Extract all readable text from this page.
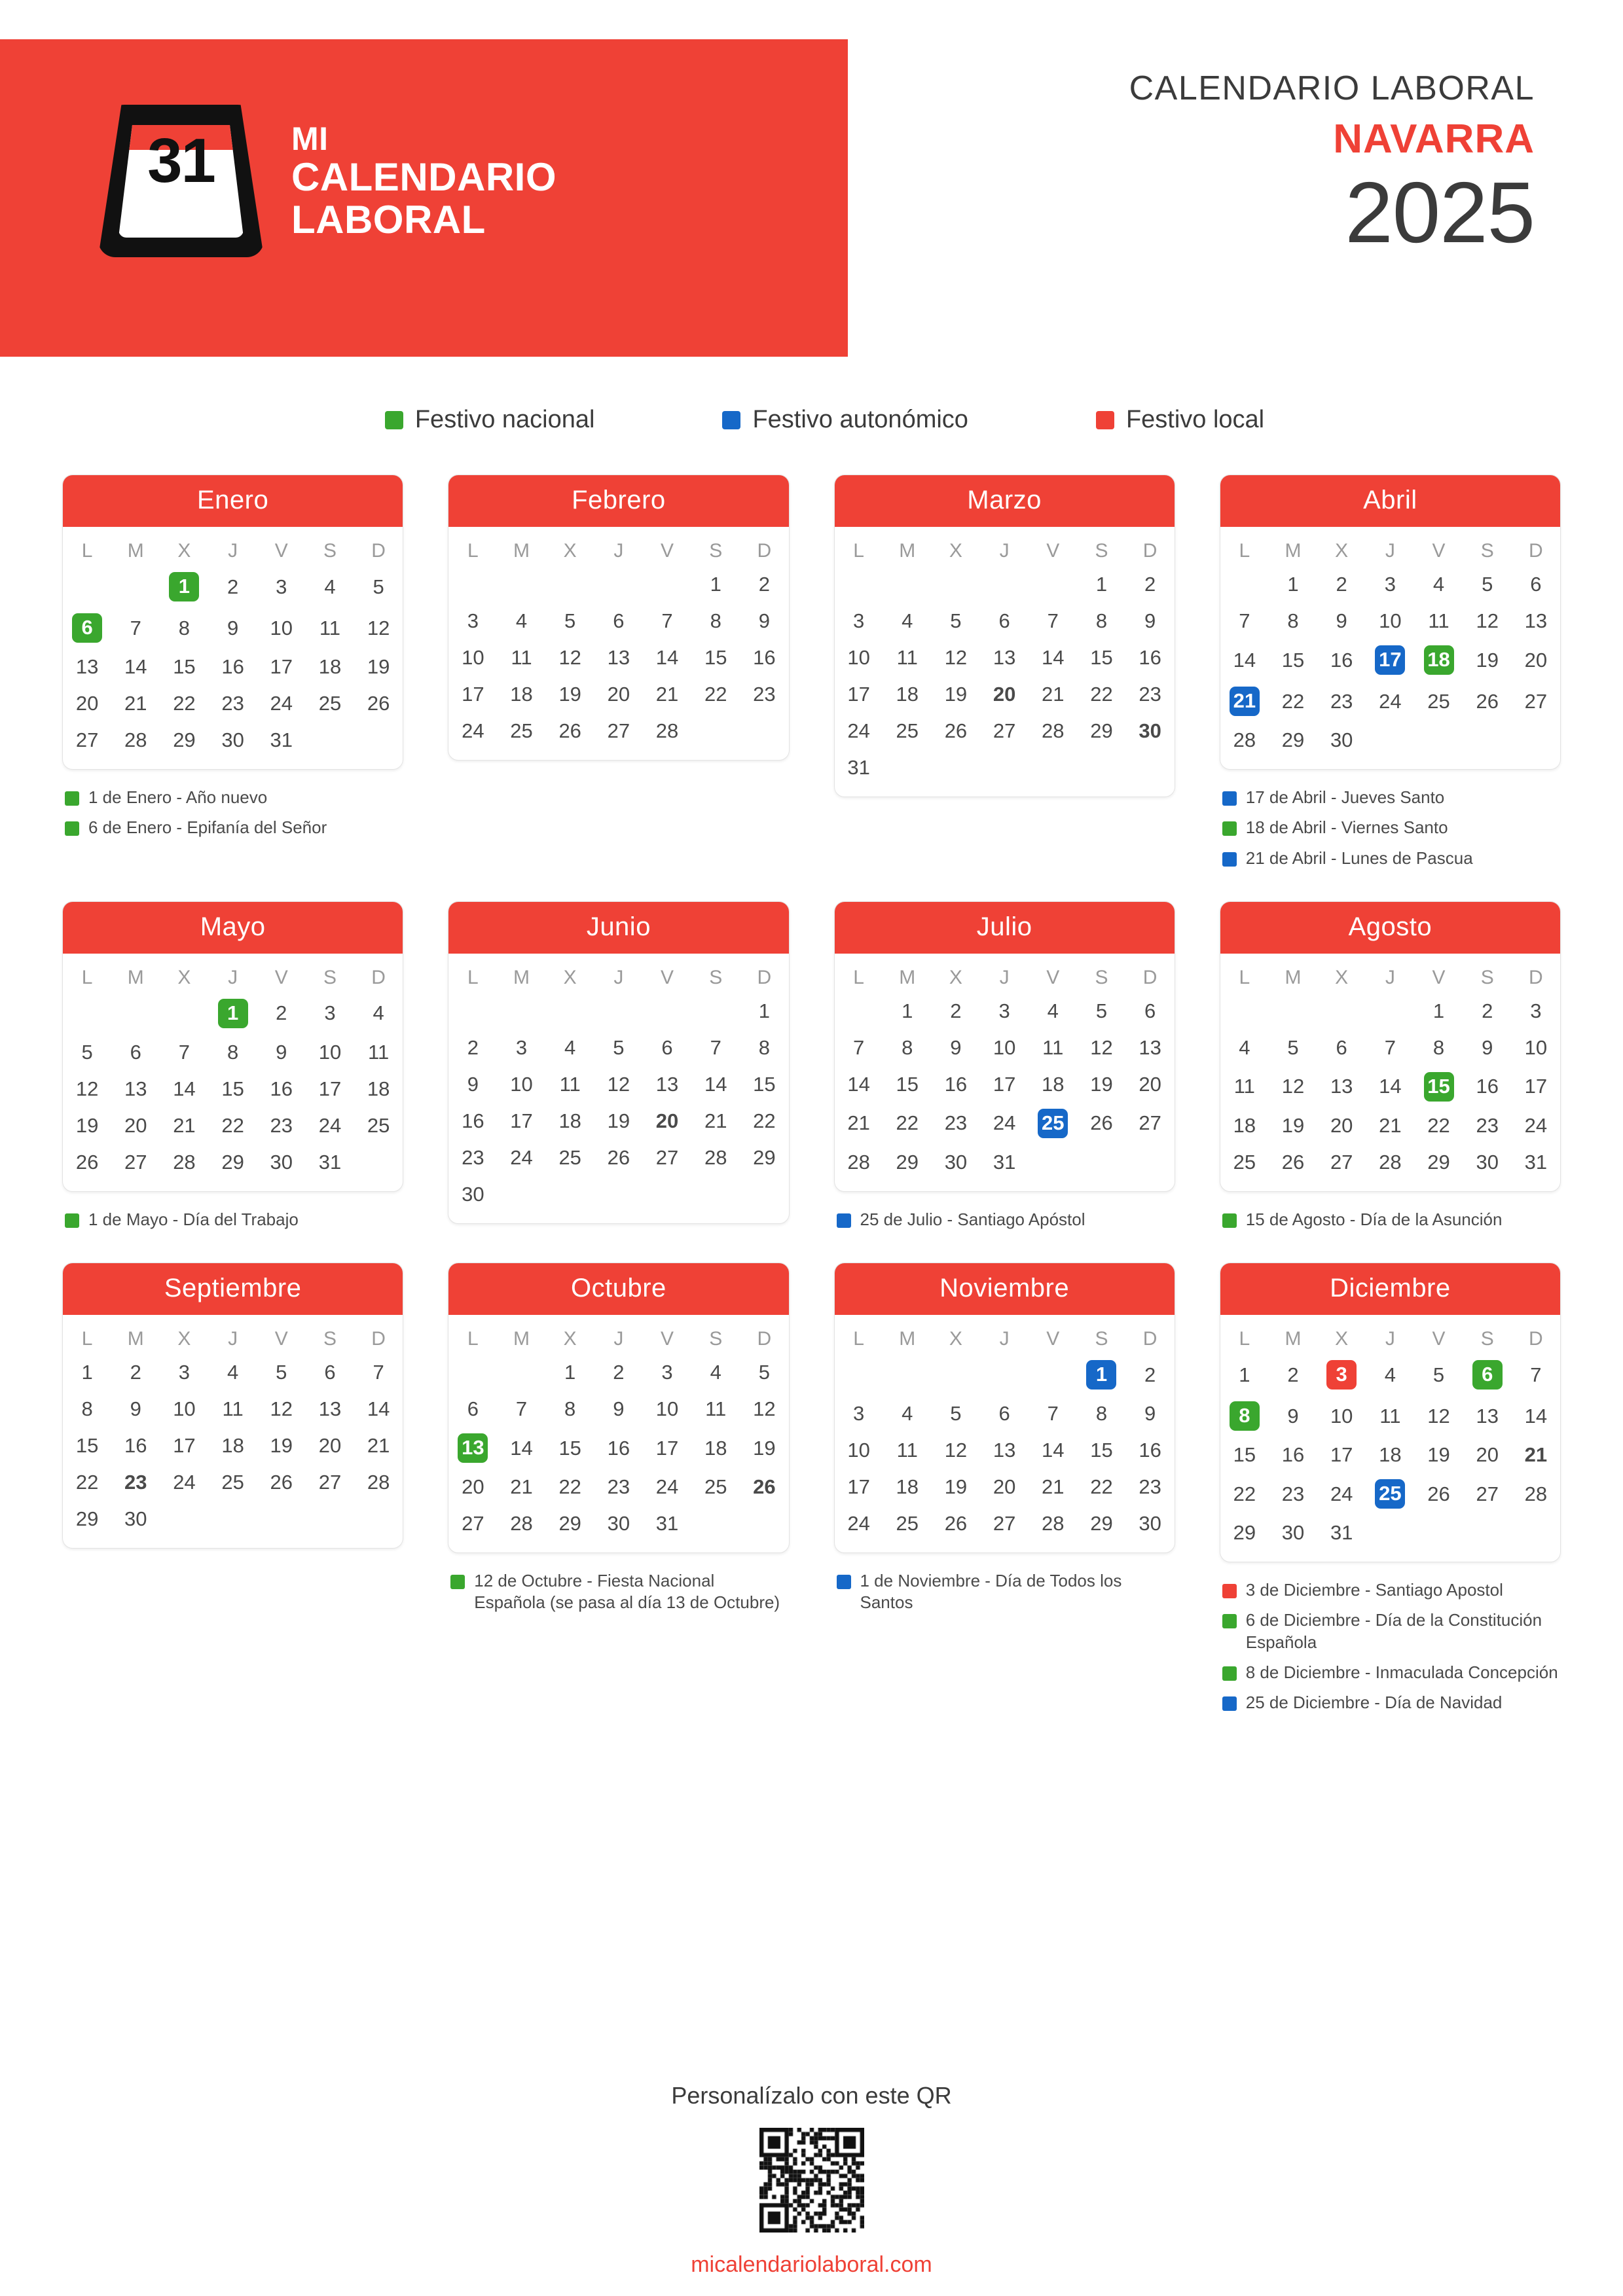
31	MI
CALENDARIO
LABORAL
CALENDARIO LABORAL
NAVARRA
2025
Festivo nacional	Festivo autonómico	Festivo local
Enero
L	M	X	J	V	S	D
		1	2	3	4	5
6	7	8	9	10	11	12
13	14	15	16	17	18	19
20	21	22	23	24	25	26
27	28	29	30	31		
1 de Enero - Año nuevo
6 de Enero - Epifanía del Señor
Febrero
L	M	X	J	V	S	D
					1	2
3	4	5	6	7	8	9
10	11	12	13	14	15	16
17	18	19	20	21	22	23
24	25	26	27	28		
Marzo
L	M	X	J	V	S	D
					1	2
3	4	5	6	7	8	9
10	11	12	13	14	15	16
17	18	19	20	21	22	23
24	25	26	27	28	29	30
31						
Abril
L	M	X	J	V	S	D
	1	2	3	4	5	6
7	8	9	10	11	12	13
14	15	16	17	18	19	20
21	22	23	24	25	26	27
28	29	30				
17 de Abril - Jueves Santo
18 de Abril - Viernes Santo
21 de Abril - Lunes de Pascua
Mayo
L	M	X	J	V	S	D
			1	2	3	4
5	6	7	8	9	10	11
12	13	14	15	16	17	18
19	20	21	22	23	24	25
26	27	28	29	30	31	
1 de Mayo - Día del Trabajo
Junio
L	M	X	J	V	S	D
						1
2	3	4	5	6	7	8
9	10	11	12	13	14	15
16	17	18	19	20	21	22
23	24	25	26	27	28	29
30						
Julio
L	M	X	J	V	S	D
	1	2	3	4	5	6
7	8	9	10	11	12	13
14	15	16	17	18	19	20
21	22	23	24	25	26	27
28	29	30	31			
25 de Julio - Santiago Apóstol
Agosto
L	M	X	J	V	S	D
				1	2	3
4	5	6	7	8	9	10
11	12	13	14	15	16	17
18	19	20	21	22	23	24
25	26	27	28	29	30	31
15 de Agosto - Día de la Asunción
Septiembre
L	M	X	J	V	S	D
1	2	3	4	5	6	7
8	9	10	11	12	13	14
15	16	17	18	19	20	21
22	23	24	25	26	27	28
29	30					
Octubre
L	M	X	J	V	S	D
		1	2	3	4	5
6	7	8	9	10	11	12
13	14	15	16	17	18	19
20	21	22	23	24	25	26
27	28	29	30	31		
12 de Octubre - Fiesta Nacional Española (se pasa al día 13 de Octubre)
Noviembre
L	M	X	J	V	S	D
					1	2
3	4	5	6	7	8	9
10	11	12	13	14	15	16
17	18	19	20	21	22	23
24	25	26	27	28	29	30
1 de Noviembre - Día de Todos los Santos
Diciembre
L	M	X	J	V	S	D
1	2	3	4	5	6	7
8	9	10	11	12	13	14
15	16	17	18	19	20	21
22	23	24	25	26	27	28
29	30	31				
3 de Diciembre - Santiago Apostol
6 de Diciembre - Día de la Constitución Española
8 de Diciembre - Inmaculada Concepción
25 de Diciembre - Día de Navidad
Personalízalo con este QR
micalendariolaboral.com
